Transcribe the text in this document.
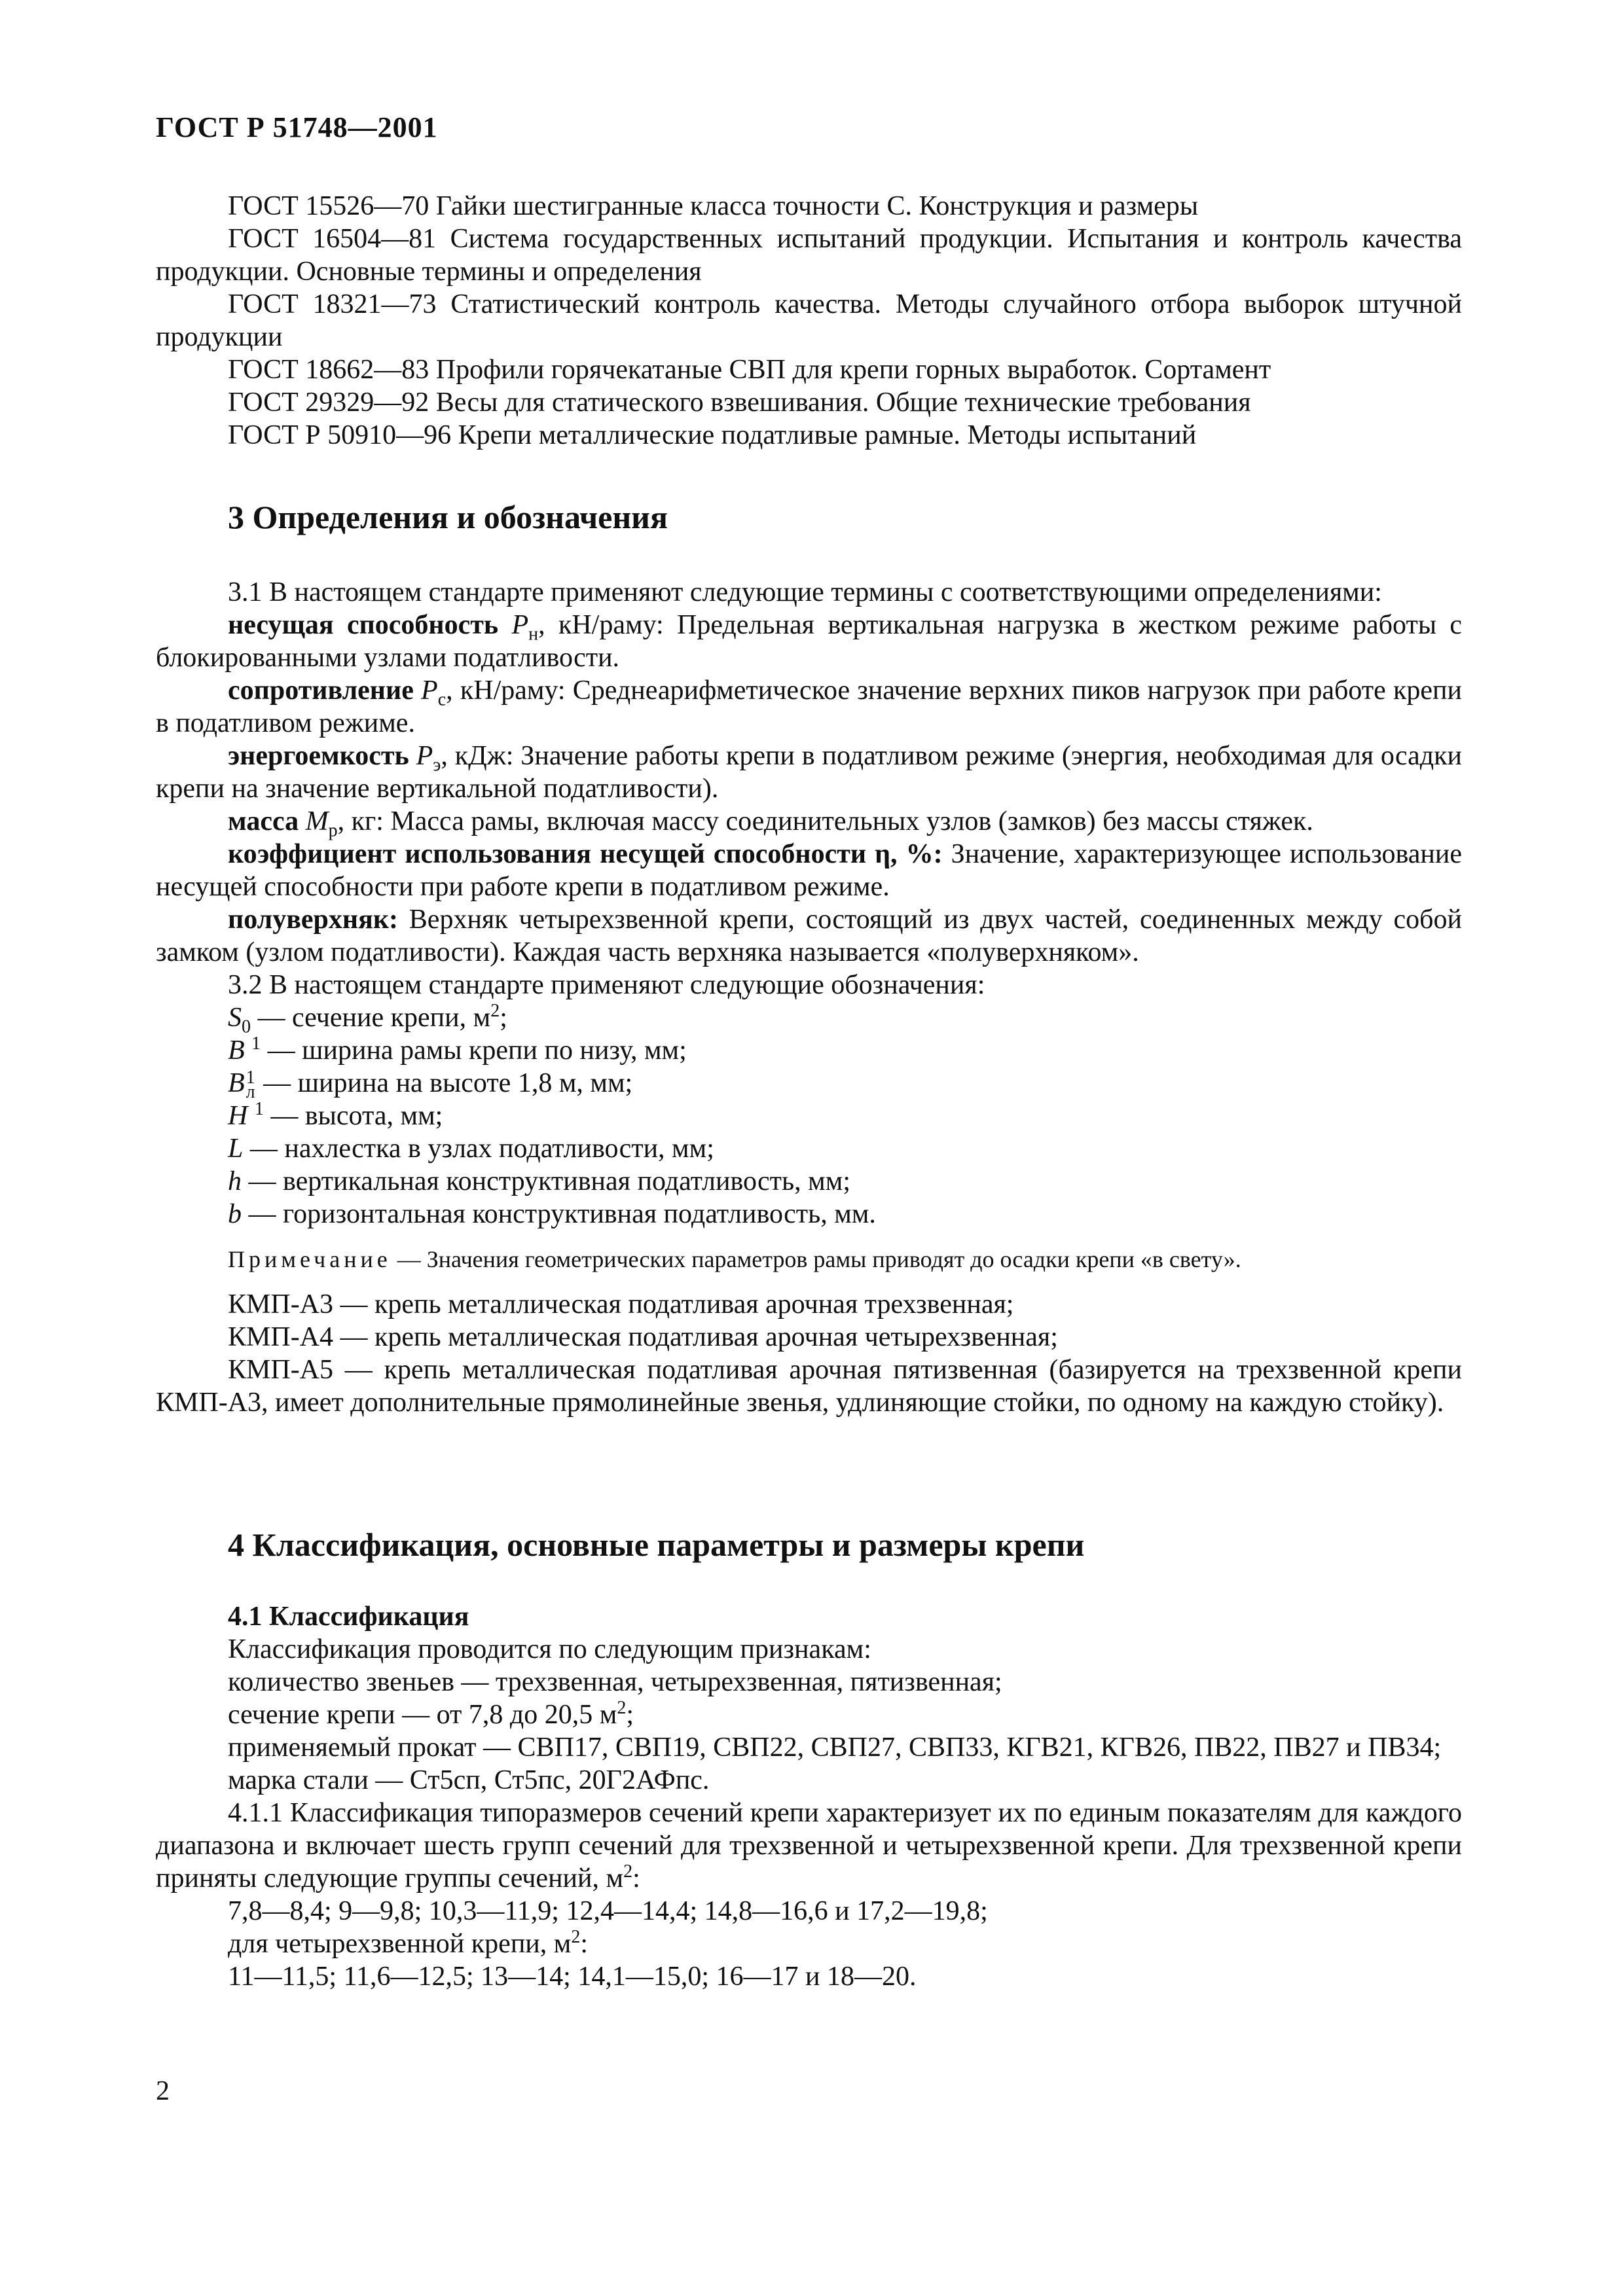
ГОСТ Р 51748—2001

ГОСТ 15526—70 Гайки шестигранные класса точности С. Конструкция и размеры

ГОСТ 16504—81 Система государственных испытаний продукции. Испытания и контроль качества продукции. Основные термины и определения

ГОСТ 18321—73 Статистический контроль качества. Методы случайного отбора выборок штучной продукции

ГОСТ 18662—83 Профили горячекатаные СВП для крепи горных выработок. Сортамент

ГОСТ 29329—92 Весы для статического взвешивания. Общие технические требования

ГОСТ Р 50910—96 Крепи металлические податливые рамные. Методы испытаний

3 Определения и обозначения

3.1 В настоящем стандарте применяют следующие термины с соответствующими определениями:

несущая способность $P_н$, кН/раму: Предельная вертикальная нагрузка в жестком режиме работы с блокированными узлами податливости.

сопротивление $P_с$, кН/раму: Среднеарифметическое значение верхних пиков нагрузок при работе крепи в податливом режиме.

энергоемкость $P_э$, кДж: Значение работы крепи в податливом режиме (энергия, необходимая для осадки крепи на значение вертикальной податливости).

масса $M_р$, кг: Масса рамы, включая массу соединительных узлов (замков) без массы стяжек.

коэффициент использования несущей способности η, %: Значение, характеризующее использование несущей способности при работе крепи в податливом режиме.

полуверхняк: Верхняк четырехзвенной крепи, состоящий из двух частей, соединенных между собой замком (узлом податливости). Каждая часть верхняка называется «полуверхняком».

3.2 В настоящем стандарте применяют следующие обозначения:

$S_0$ — сечение крепи, $м^2$;

B $^1$ — ширина рамы крепи по низу, мм;

B1
л — ширина на высоте 1,8 м, мм;

H $^1$ — высота, мм;

L — нахлестка в узлах податливости, мм;

h — вертикальная конструктивная податливость, мм;

b — горизонтальная конструктивная податливость, мм.

Примечание — Значения геометрических параметров рамы приводят до осадки крепи «в свету».

КМП-А3 — крепь металлическая податливая арочная трехзвенная;

КМП-А4 — крепь металлическая податливая арочная четырехзвенная;

КМП-А5 — крепь металлическая податливая арочная пятизвенная (базируется на трехзвенной крепи КМП-А3, имеет дополнительные прямолинейные звенья, удлиняющие стойки, по одному на каждую стойку).

4 Классификация, основные параметры и размеры крепи

4.1 Классификация

Классификация проводится по следующим признакам:

количество звеньев — трехзвенная, четырехзвенная, пятизвенная;

сечение крепи — от 7,8 до 20,5 $м^2$;

применяемый прокат — СВП17, СВП19, СВП22, СВП27, СВП33, КГВ21, КГВ26, ПВ22, ПВ27 и ПВ34;

марка стали — Ст5сп, Ст5пс, 20Г2АФпс.

4.1.1 Классификация типоразмеров сечений крепи характеризует их по единым показателям для каждого диапазона и включает шесть групп сечений для трехзвенной и четырехзвенной крепи. Для трехзвенной крепи приняты следующие группы сечений, $м^2$:

7,8—8,4; 9—9,8; 10,3—11,9; 12,4—14,4; 14,8—16,6 и 17,2—19,8;

для четырехзвенной крепи, $м^2$:

11—11,5; 11,6—12,5; 13—14; 14,1—15,0; 16—17 и 18—20.

2
